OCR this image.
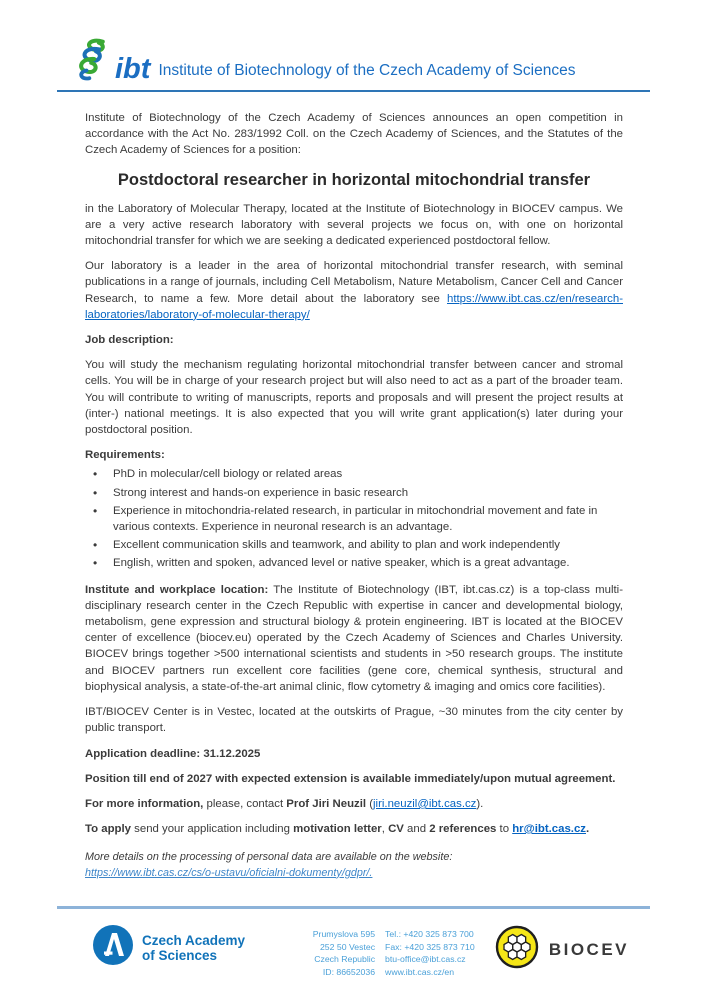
ibt Institute of Biotechnology of the Czech Academy of Sciences

Institute of Biotechnology of the Czech Academy of Sciences announces an open competition in accordance with the Act No. 283/1992 Coll. on the Czech Academy of Sciences, and the Statutes of the Czech Academy of Sciences for a position:

Postdoctoral researcher in horizontal mitochondrial transfer

in the Laboratory of Molecular Therapy, located at the Institute of Biotechnology in BIOCEV campus. We are a very active research laboratory with several projects we focus on, with one on horizontal mitochondrial transfer for which we are seeking a dedicated experienced postdoctoral fellow.

Our laboratory is a leader in the area of horizontal mitochondrial transfer research, with seminal publications in a range of journals, including Cell Metabolism, Nature Metabolism, Cancer Cell and Cancer Research, to name a few. More detail about the laboratory see https://www.ibt.cas.cz/en/research-laboratories/laboratory-of-molecular-therapy/

Job description:

You will study the mechanism regulating horizontal mitochondrial transfer between cancer and stromal cells. You will be in charge of your research project but will also need to act as a part of the broader team. You will contribute to writing of manuscripts, reports and proposals and will present the project results at (inter-) national meetings. It is also expected that you will write grant application(s) later during your postdoctoral position.

Requirements:

• PhD in molecular/cell biology or related areas
• Strong interest and hands-on experience in basic research
• Experience in mitochondria-related research, in particular in mitochondrial movement and fate in various contexts. Experience in neuronal research is an advantage.
• Excellent communication skills and teamwork, and ability to plan and work independently
• English, written and spoken, advanced level or native speaker, which is a great advantage.

Institute and workplace location: The Institute of Biotechnology (IBT, ibt.cas.cz) is a top-class multi-disciplinary research center in the Czech Republic with expertise in cancer and developmental biology, metabolism, gene expression and structural biology & protein engineering. IBT is located at the BIOCEV center of excellence (biocev.eu) operated by the Czech Academy of Sciences and Charles University. BIOCEV brings together >500 international scientists and students in >50 research groups. The institute and BIOCEV partners run excellent core facilities (gene core, chemical synthesis, structural and biophysical analysis, a state-of-the-art animal clinic, flow cytometry & imaging and omics core facilities).

IBT/BIOCEV Center is in Vestec, located at the outskirts of Prague, ~30 minutes from the city center by public transport.

Application deadline: 31.12.2025

Position till end of 2027 with expected extension is available immediately/upon mutual agreement.

For more information, please, contact Prof Jiri Neuzil (jiri.neuzil@ibt.cas.cz).

To apply send your application including motivation letter, CV and 2 references to hr@ibt.cas.cz.

More details on the processing of personal data are available on the website:
https://www.ibt.cas.cz/cs/o-ustavu/oficialni-dokumenty/gdpr/.

Czech Academy
of Sciences
Prumyslova 595
252 50 Vestec
Czech Republic
ID: 86652036
Tel.: +420 325 873 700
Fax: +420 325 873 710
btu-office@ibt.cas.cz
www.ibt.cas.cz/en
BIOCEV
